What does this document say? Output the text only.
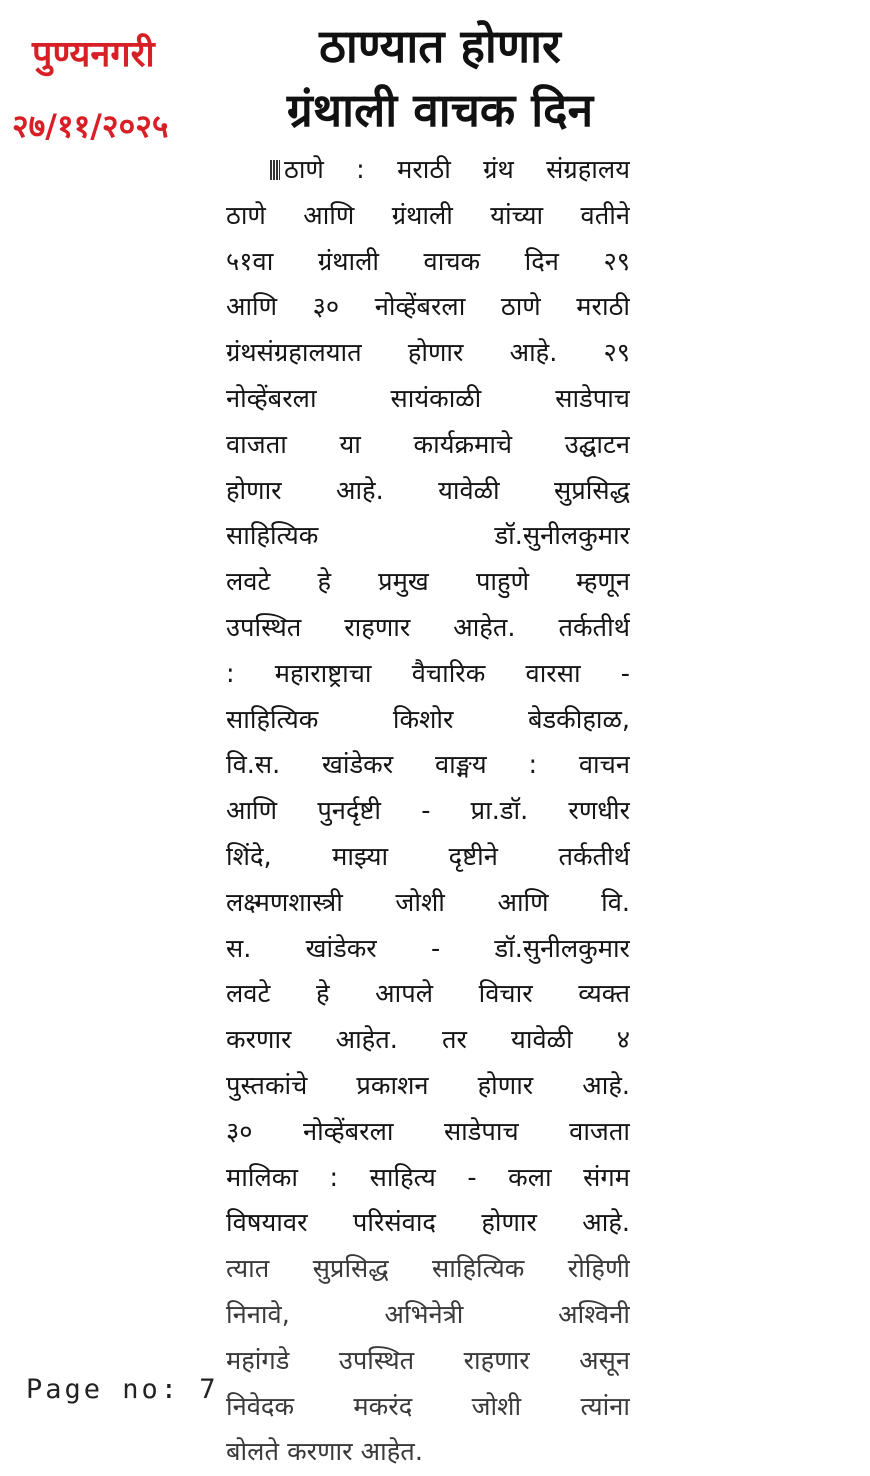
पुण्यनगरी
२७/११/२०२५
ठाण्यात होणार
ग्रंथाली वाचक दिन
ठाणे : मराठी ग्रंथ संग्रहालय
ठाणे आणि ग्रंथाली यांच्या वतीने
५१वा ग्रंथाली वाचक दिन २९
आणि ३० नोव्हेंबरला ठाणे मराठी
ग्रंथसंग्रहालयात होणार आहे. २९
नोव्हेंबरला सायंकाळी साडेपाच
वाजता या कार्यक्रमाचे उद्घाटन
होणार आहे. यावेळी सुप्रसिद्ध
साहित्यिक डॉ.सुनीलकुमार
लवटे हे प्रमुख पाहुणे म्हणून
उपस्थित राहणार आहेत. तर्कतीर्थ
: महाराष्ट्राचा वैचारिक वारसा -
साहित्यिक किशोर बेडकीहाळ,
वि.स. खांडेकर वाङ्मय : वाचन
आणि पुनर्दृष्टी - प्रा.डॉ. रणधीर
शिंदे, माझ्या दृष्टीने तर्कतीर्थ
लक्ष्मणशास्त्री जोशी आणि वि.
स. खांडेकर - डॉ.सुनीलकुमार
लवटे हे आपले विचार व्यक्त
करणार आहेत. तर यावेळी ४
पुस्तकांचे प्रकाशन होणार आहे.
३० नोव्हेंबरला साडेपाच वाजता
मालिका : साहित्य - कला संगम
विषयावर परिसंवाद होणार आहे.
त्यात सुप्रसिद्ध साहित्यिक रोहिणी
निनावे, अभिनेत्री अश्विनी
महांगडे उपस्थित राहणार असून
निवेदक मकरंद जोशी त्यांना
बोलते करणार आहेत.
Page no: 7
